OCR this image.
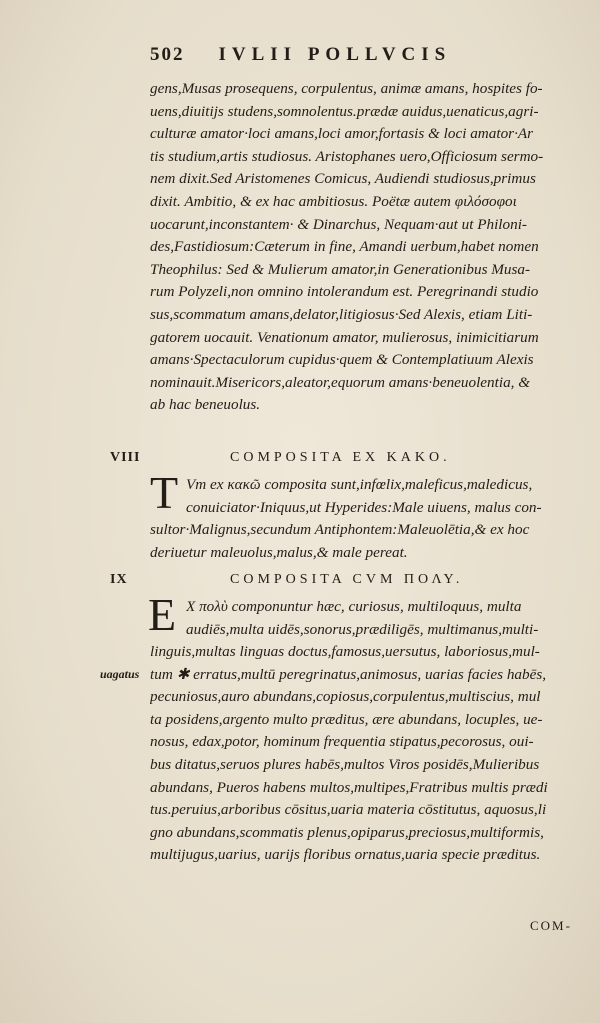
502 IVLII POLLVCIS
gens,Musas prosequens, corpulentus, animæ amans, hospites fo-
uens,diuitijs studens,somnolentus.prædæ auidus,uenaticus,agri-
culturæ amator·loci amans,loci amor,fortasis & loci amator·Ar
tis studium,artis studiosus. Aristophanes uero,Officiosum sermo-
nem dixit.Sed Aristomenes Comicus, Audiendi studiosus,primus
dixit. Ambitio, & ex hac ambitiosus. Poëtæ autem φιλόσοφοι
uocarunt,inconstantem· & Dinarchus, Nequam·aut ut Philoni-
des,Fastidiosum:Cæterum in fine, Amandi uerbum,habet nomen
Theophilus: Sed & Mulierum amator,in Generationibus Musa-
rum Polyzeli,non omnino intolerandum est. Peregrinandi studio
sus,scommatum amans,delator,litigiosus·Sed Alexis, etiam Liti-
gatorem uocauit. Venationum amator, mulierosus, inimicitiarum
amans·Spectaculorum cupidus·quem & Contemplatiuum Alexis
nominauit.Misericors,aleator,equorum amans·beneuolentia, &
ab hac beneuolus.
VIII	COMPOSITA EX KAKO.
T Vm ex κακῶ composita sunt,infœlix,maleficus,maledicus,
conuiciator·Iniquus,ut Hyperides:Male uiuens, malus con-
sultor·Malignus,secundum Antiphontem:Maleuolētia,& ex hoc
deriuetur maleuolus,malus,& male pereat.
IX	COMPOSITA CVM ΠΟΛΥ.
E X πολὺ componuntur hæc, curiosus, multiloquus, multa
audiēs,multa uidēs,sonorus,prædiligēs, multimanus,multi-
uagatus
linguis,multas linguas doctus,famosus,uersutus, laboriosus,mul-
tum ✱ erratus,multū peregrinatus,animosus, uarias facies habēs,
pecuniosus,auro abundans,copiosus,corpulentus,multiscius, mul
ta posidens,argento multo præditus, ære abundans, locuples, ue-
nosus, edax,potor, hominum frequentia stipatus,pecorosus, oui-
bus ditatus,seruos plures habēs,multos Viros posidēs,Mulieribus
abundans, Pueros habens multos,multipes,Fratribus multis prædi
tus.peruius,arboribus cōsitus,uaria materia cōstitutus, aquosus,li
gno abundans,scommatis plenus,opiparus,preciosus,multiformis,
multijugus,uarius, uarijs floribus ornatus,uaria specie præditus.
COM-
